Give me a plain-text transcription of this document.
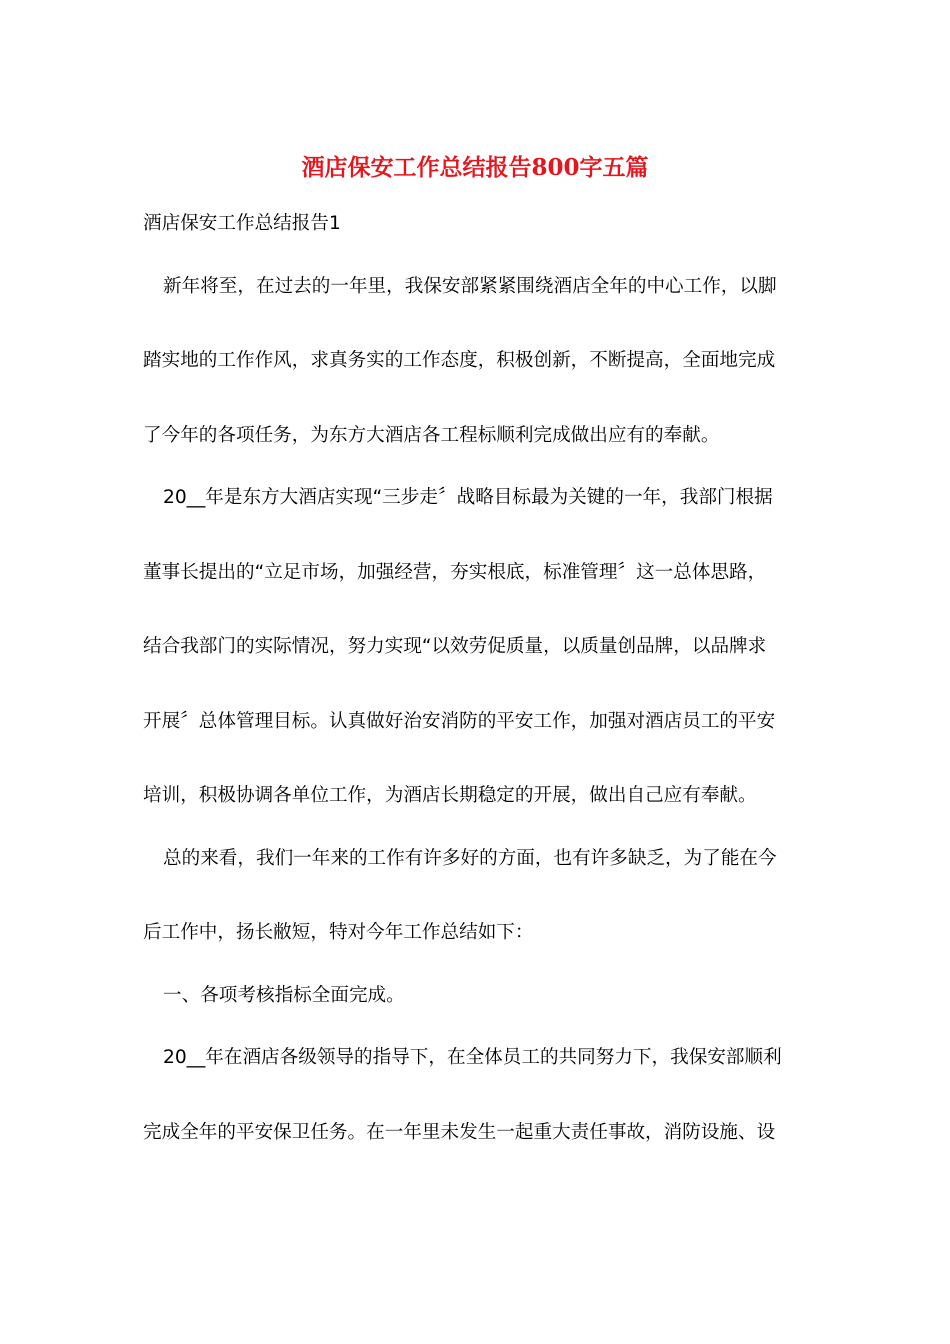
酒店保安工作总结报告800字五篇

酒店保安工作总结报告1

新年将至，在过去的一年里，我保安部紧紧围绕酒店全年的中心工作，以脚

踏实地的工作作风，求真务实的工作态度，积极创新，不断提高，全面地完成

了今年的各项任务，为东方大酒店各工程标顺利完成做出应有的奉献。

20__年是东方大酒店实现“三步走〞战略目标最为关键的一年，我部门根据

董事长提出的“立足市场，加强经营，夯实根底，标准管理〞这一总体思路，

结合我部门的实际情况，努力实现“以效劳促质量，以质量创品牌，以品牌求

开展〞总体管理目标。认真做好治安消防的平安工作，加强对酒店员工的平安

培训，积极协调各单位工作，为酒店长期稳定的开展，做出自己应有奉献。

总的来看，我们一年来的工作有许多好的方面，也有许多缺乏，为了能在今

后工作中，扬长敝短，特对今年工作总结如下：

一、各项考核指标全面完成。

20__年在酒店各级领导的指导下，在全体员工的共同努力下，我保安部顺利

完成全年的平安保卫任务。在一年里未发生一起重大责任事故，消防设施、设
